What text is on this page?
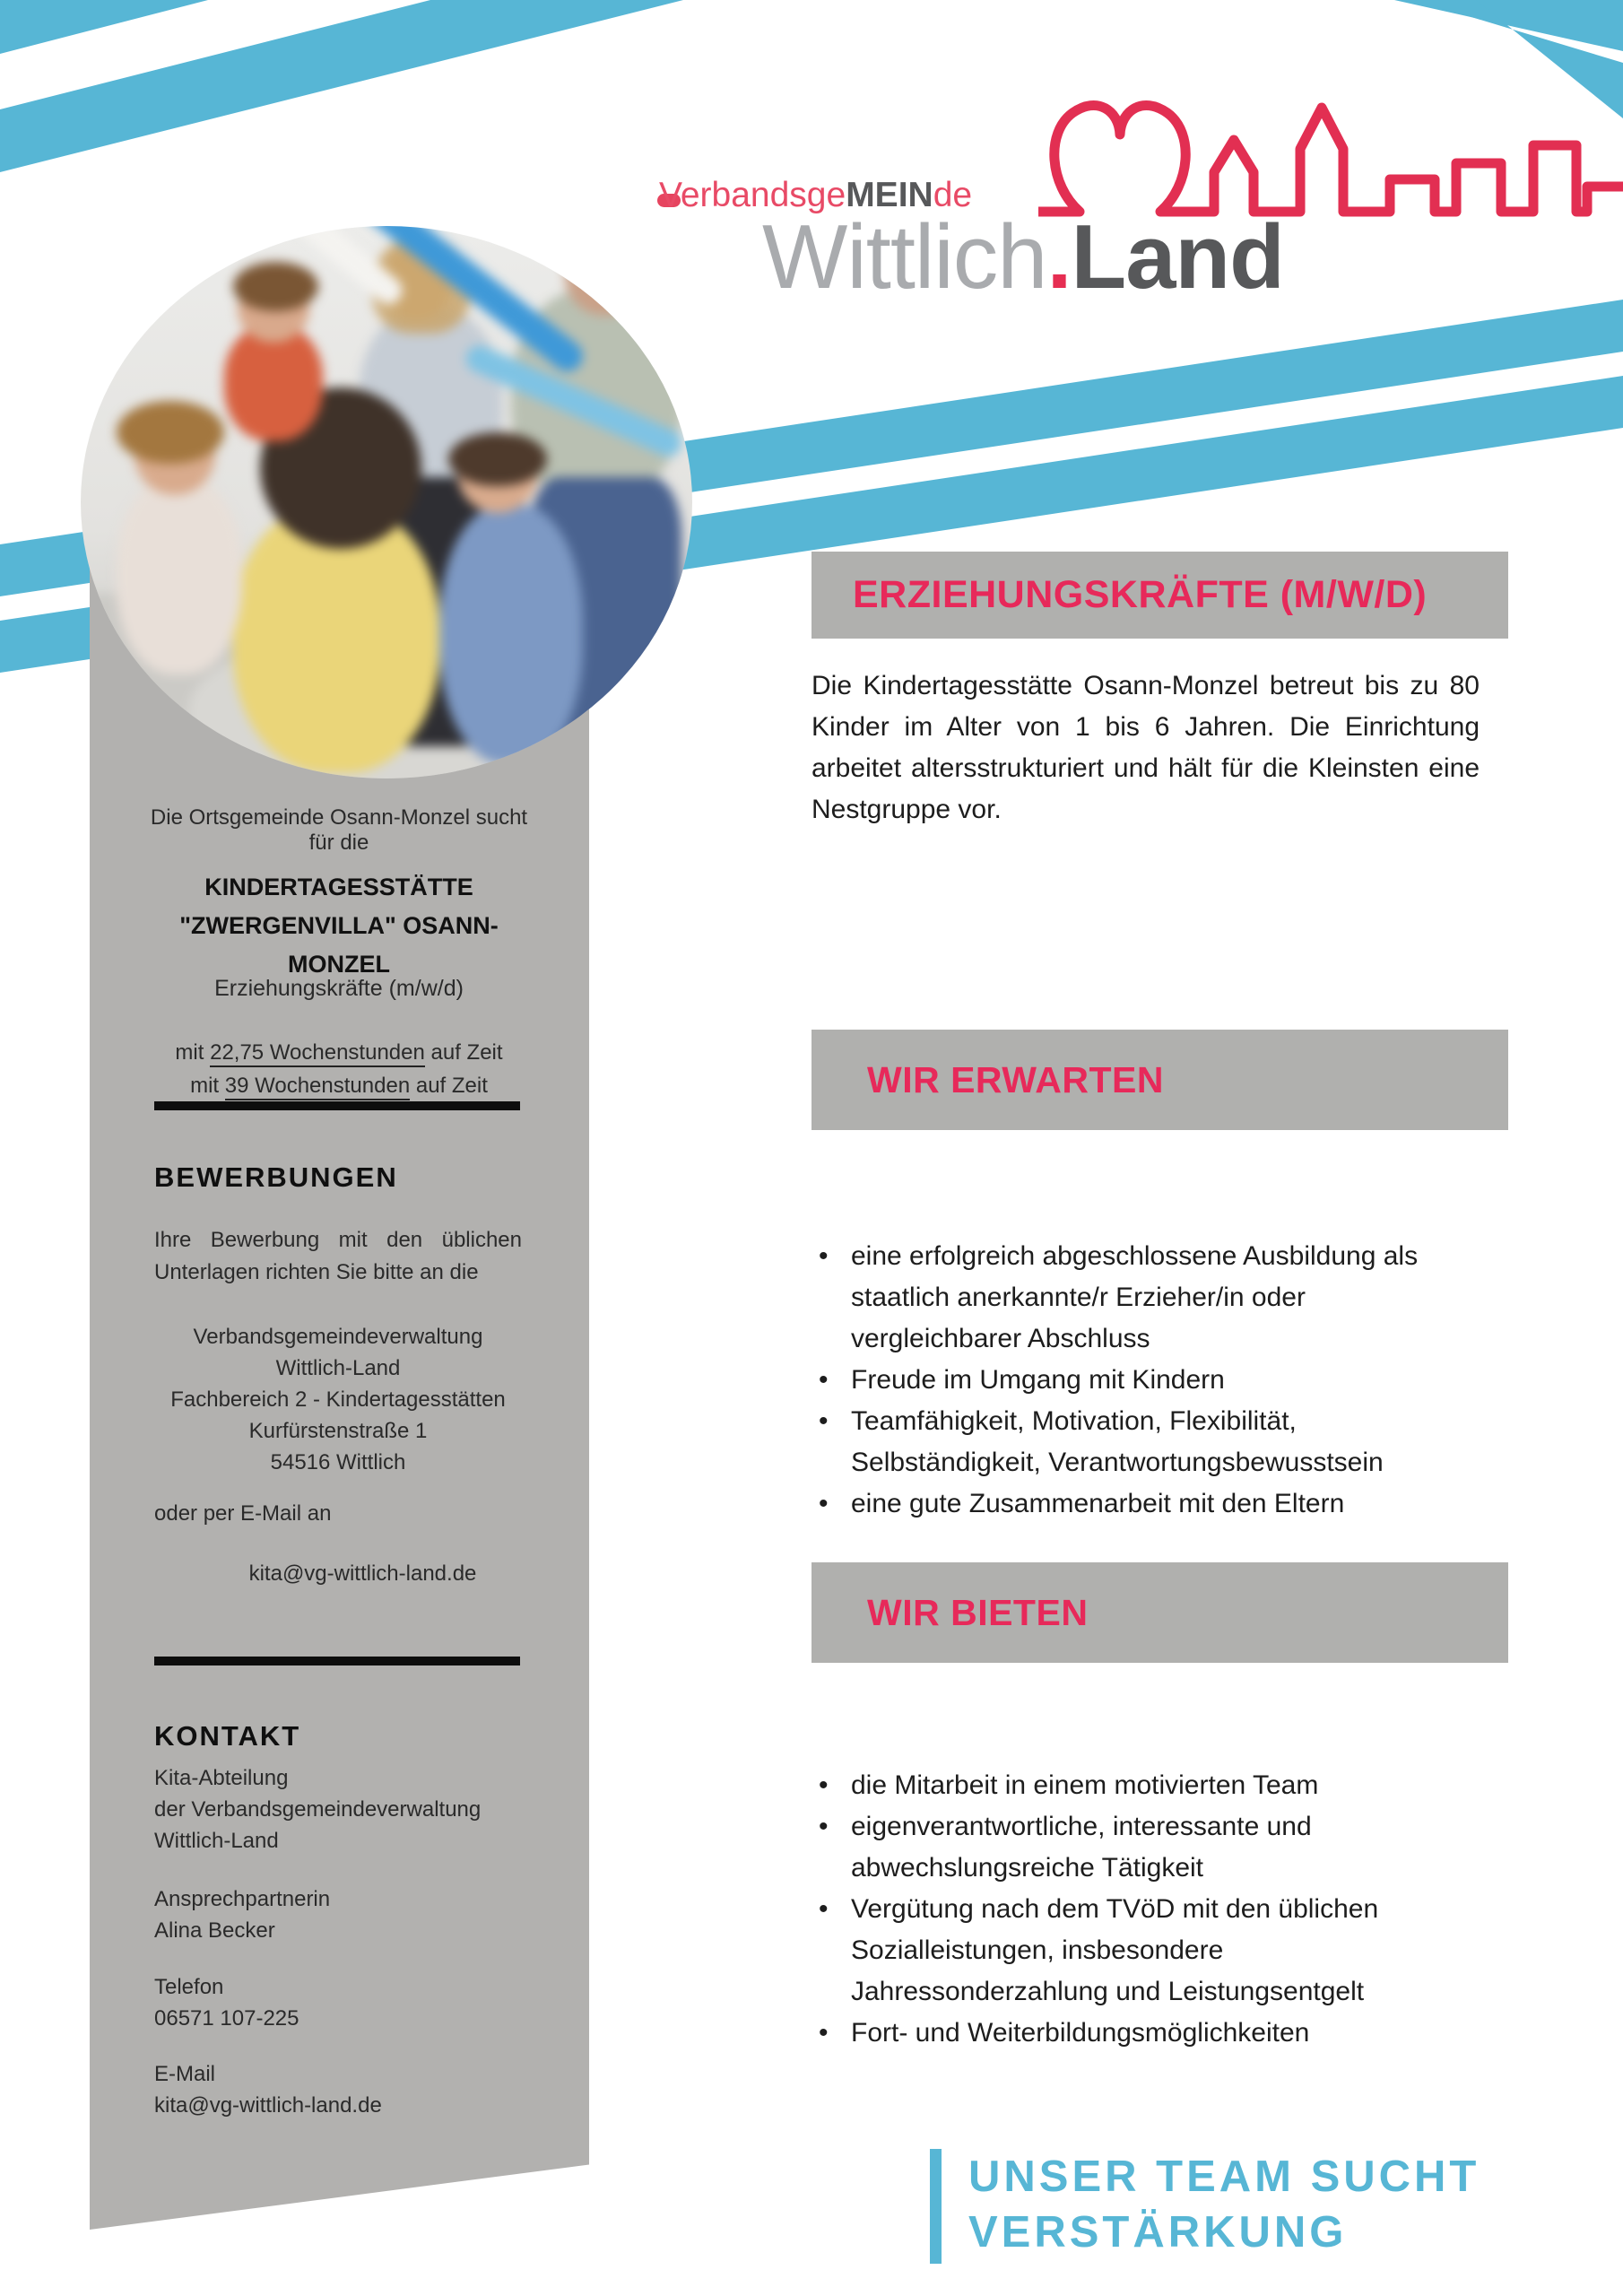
VerbandsgeMEINde
Wittlich.Land
Die Ortsgemeinde Osann-Monzel sucht für die
KINDERTAGESSTÄTTE
"ZWERGENVILLA" OSANN-MONZEL
Erziehungskräfte (m/w/d)
mit 22,75 Wochenstunden auf Zeit
mit 39 Wochenstunden auf Zeit
BEWERBUNGEN
Ihre Bewerbung mit den üblichen Unterlagen richten Sie bitte an die
Verbandsgemeindeverwaltung
Wittlich-Land
Fachbereich 2 - Kindertagesstätten
Kurfürstenstraße 1
54516 Wittlich
oder per E-Mail an
kita@vg-wittlich-land.de
KONTAKT
Kita-Abteilung
der Verbandsgemeindeverwaltung
Wittlich-Land
Ansprechpartnerin
Alina Becker
Telefon
06571 107-225
E-Mail
kita@vg-wittlich-land.de
ERZIEHUNGSKRÄFTE (M/W/D)
Die Kindertagesstätte Osann-Monzel betreut bis zu 80 Kinder im Alter von 1 bis 6 Jahren. Die Einrichtung arbeitet altersstrukturiert und hält für die Kleinsten eine Nestgruppe vor.
WIR ERWARTEN
• eine erfolgreich abgeschlossene Ausbildung als staatlich anerkannte/r Erzieher/in oder vergleichbarer Abschluss
• Freude im Umgang mit Kindern
• Teamfähigkeit, Motivation, Flexibilität, Selbständigkeit, Verantwortungsbewusstsein
• eine gute Zusammenarbeit mit den Eltern
WIR BIETEN
• die Mitarbeit in einem motivierten Team
• eigenverantwortliche, interessante und abwechslungsreiche Tätigkeit
• Vergütung nach dem TVöD mit den üblichen Sozialleistungen, insbesondere Jahressonderzahlung und Leistungsentgelt
• Fort- und Weiterbildungsmöglichkeiten
UNSER TEAM SUCHT
VERSTÄRKUNG
